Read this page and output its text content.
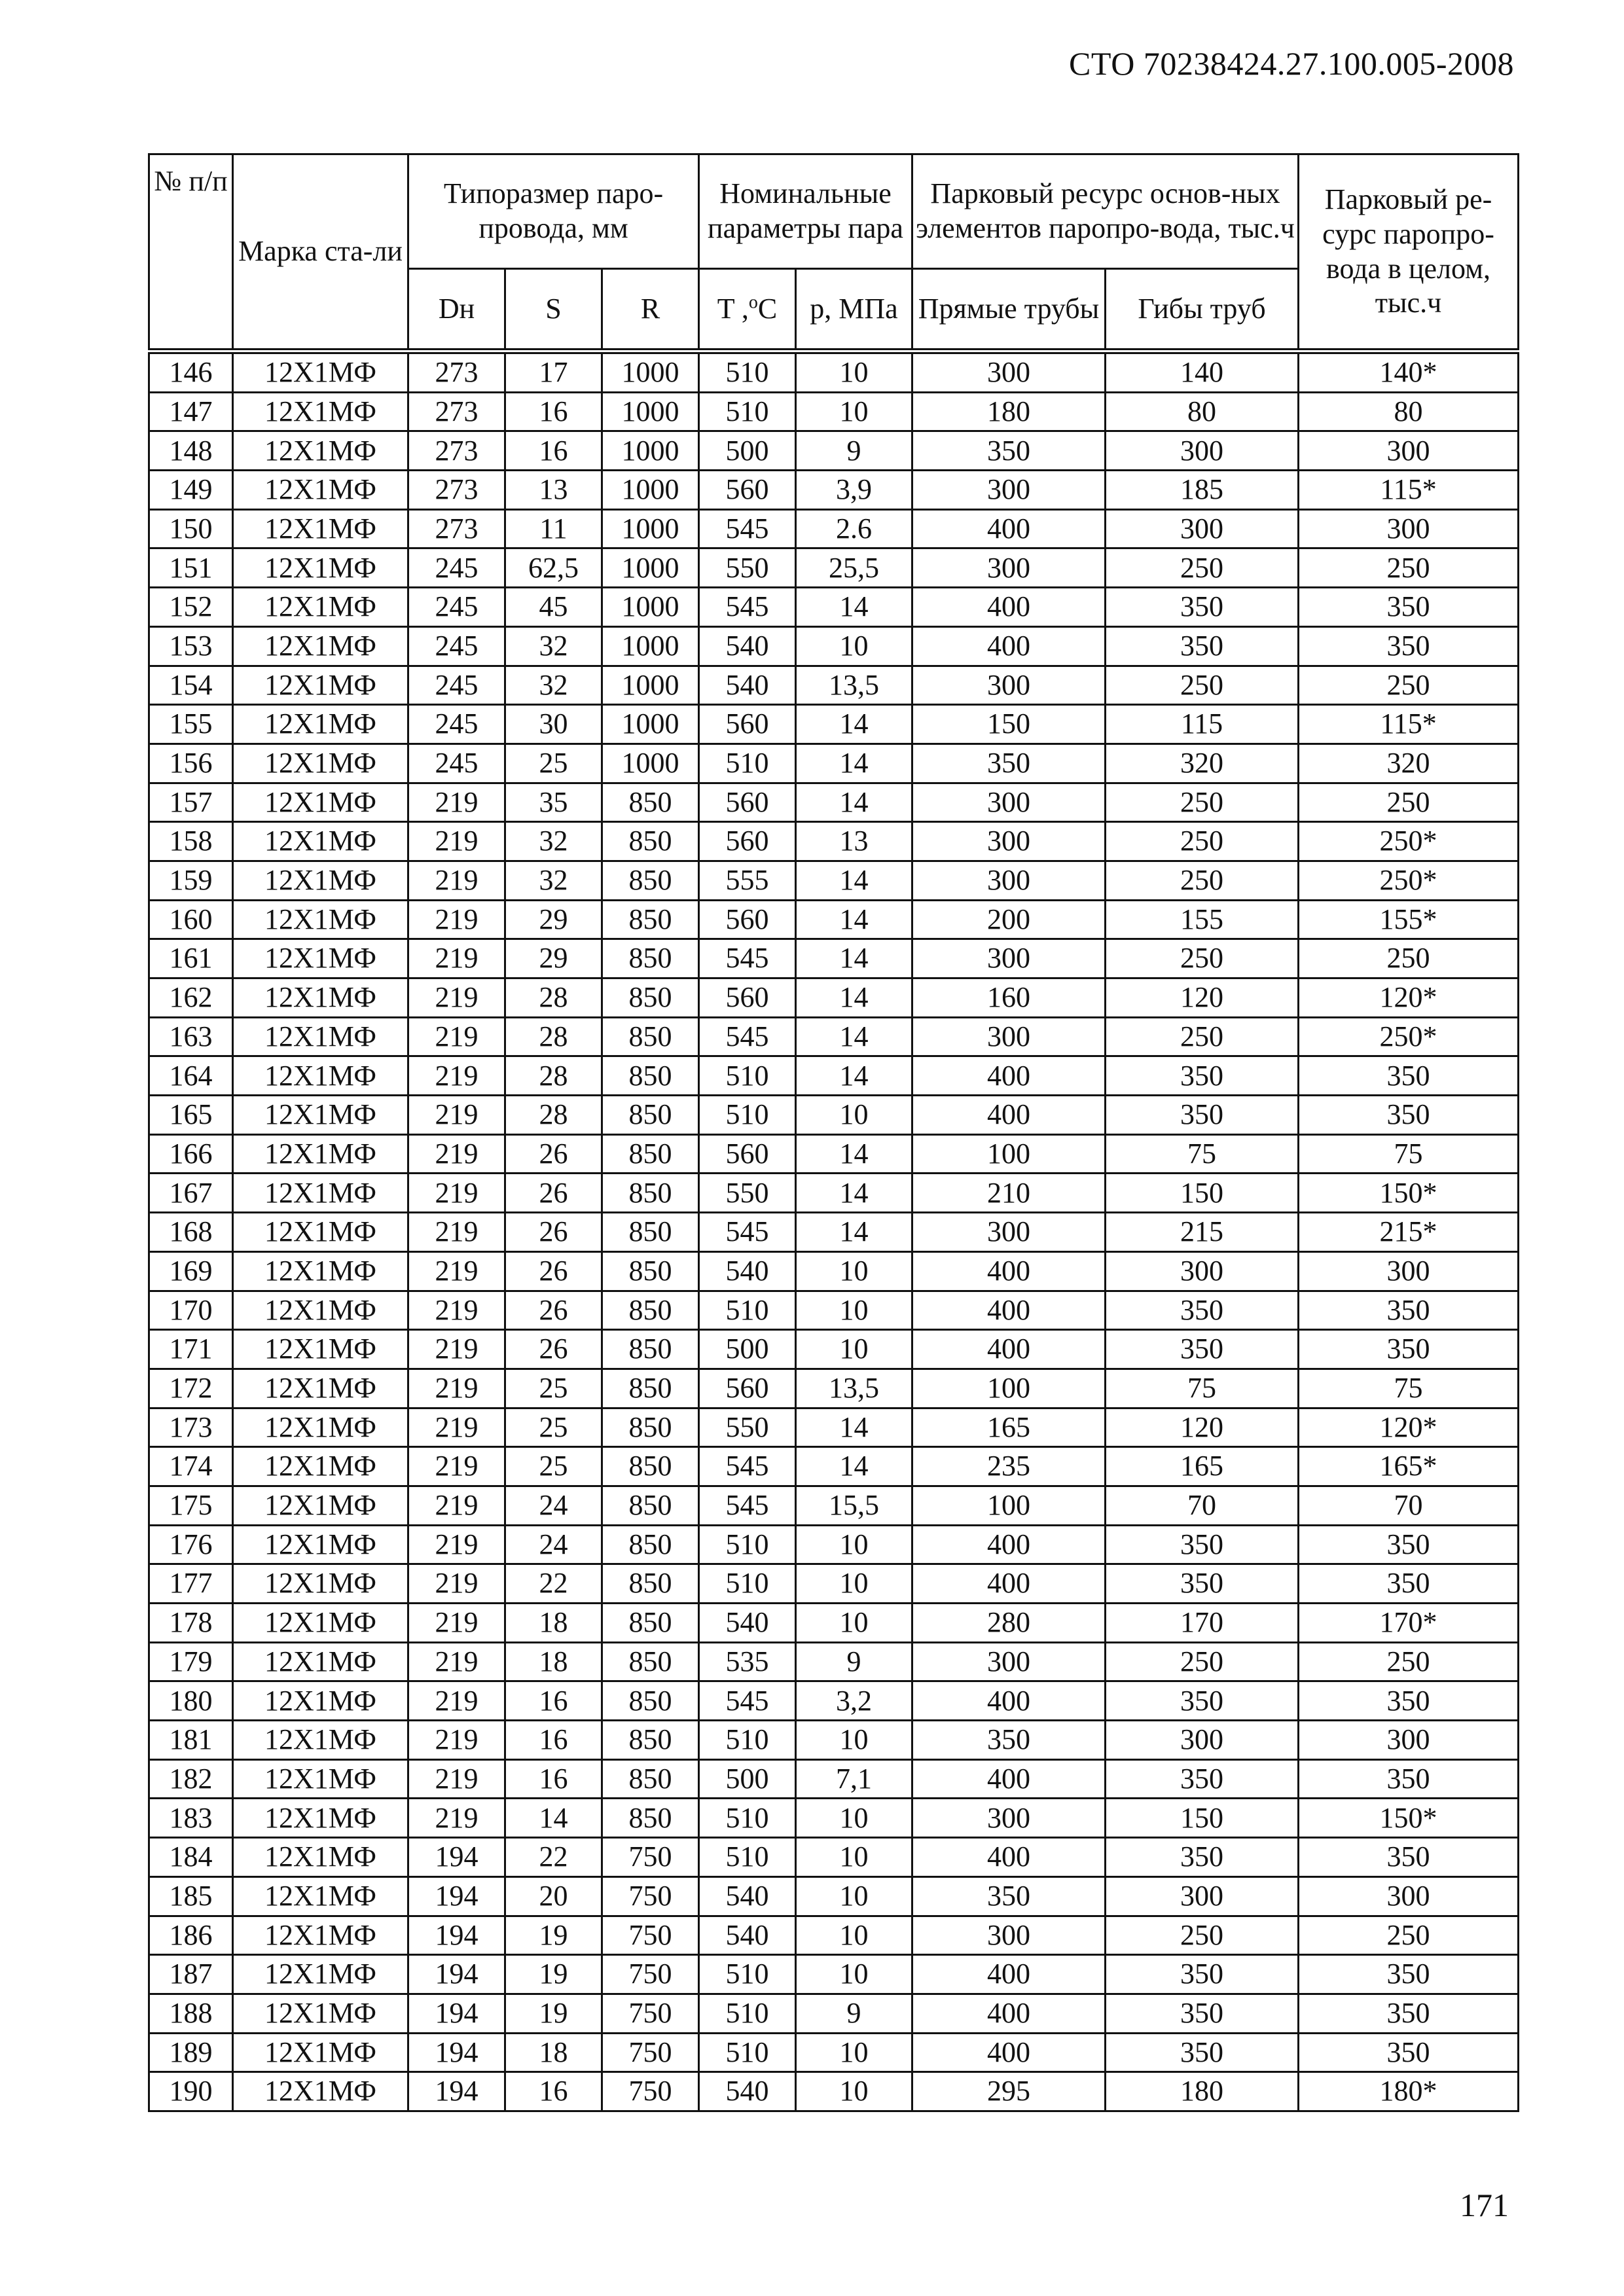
СТО 70238424.27.100.005-2008
№ п/п	Марка ста-ли	Типоразмер паро-провода, мм			Номинальные параметры пара		Парковый ресурс основ-ных элементов паропро-вода, тыс.ч		Парковый ре-сурс паропро-вода в целом, тыс.ч
		Dн	S	R	T ,$^o$C	р, МПа	Прямые трубы	Гибы труб	
146	12Х1МФ	273	17	1000	510	10	300	140	140*
147	12Х1МФ	273	16	1000	510	10	180	80	80
148	12Х1МФ	273	16	1000	500	9	350	300	300
149	12Х1МФ	273	13	1000	560	3,9	300	185	115*
150	12Х1МФ	273	11	1000	545	2.6	400	300	300
151	12Х1МФ	245	62,5	1000	550	25,5	300	250	250
152	12Х1МФ	245	45	1000	545	14	400	350	350
153	12Х1МФ	245	32	1000	540	10	400	350	350
154	12Х1МФ	245	32	1000	540	13,5	300	250	250
155	12Х1МФ	245	30	1000	560	14	150	115	115*
156	12Х1МФ	245	25	1000	510	14	350	320	320
157	12Х1МФ	219	35	850	560	14	300	250	250
158	12Х1МФ	219	32	850	560	13	300	250	250*
159	12Х1МФ	219	32	850	555	14	300	250	250*
160	12Х1МФ	219	29	850	560	14	200	155	155*
161	12Х1МФ	219	29	850	545	14	300	250	250
162	12Х1МФ	219	28	850	560	14	160	120	120*
163	12Х1МФ	219	28	850	545	14	300	250	250*
164	12Х1МФ	219	28	850	510	14	400	350	350
165	12Х1МФ	219	28	850	510	10	400	350	350
166	12Х1МФ	219	26	850	560	14	100	75	75
167	12Х1МФ	219	26	850	550	14	210	150	150*
168	12Х1МФ	219	26	850	545	14	300	215	215*
169	12Х1МФ	219	26	850	540	10	400	300	300
170	12Х1МФ	219	26	850	510	10	400	350	350
171	12Х1МФ	219	26	850	500	10	400	350	350
172	12Х1МФ	219	25	850	560	13,5	100	75	75
173	12Х1МФ	219	25	850	550	14	165	120	120*
174	12Х1МФ	219	25	850	545	14	235	165	165*
175	12Х1МФ	219	24	850	545	15,5	100	70	70
176	12Х1МФ	219	24	850	510	10	400	350	350
177	12Х1МФ	219	22	850	510	10	400	350	350
178	12Х1МФ	219	18	850	540	10	280	170	170*
179	12Х1МФ	219	18	850	535	9	300	250	250
180	12Х1МФ	219	16	850	545	3,2	400	350	350
181	12Х1МФ	219	16	850	510	10	350	300	300
182	12Х1МФ	219	16	850	500	7,1	400	350	350
183	12Х1МФ	219	14	850	510	10	300	150	150*
184	12Х1МФ	194	22	750	510	10	400	350	350
185	12Х1МФ	194	20	750	540	10	350	300	300
186	12Х1МФ	194	19	750	540	10	300	250	250
187	12Х1МФ	194	19	750	510	10	400	350	350
188	12Х1МФ	194	19	750	510	9	400	350	350
189	12Х1МФ	194	18	750	510	10	400	350	350
190	12Х1МФ	194	16	750	540	10	295	180	180*
171
